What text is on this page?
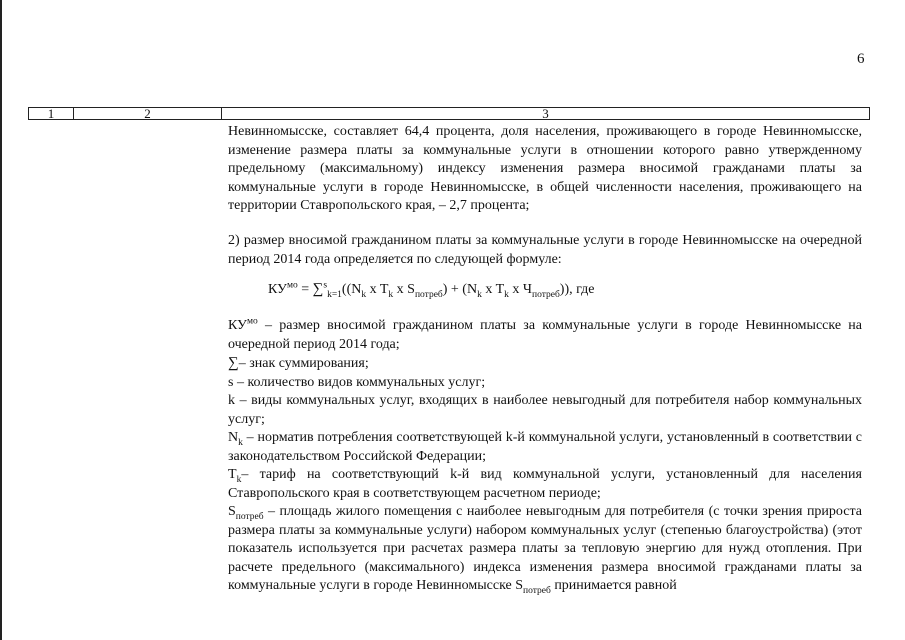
6
1	2	3

Невинномысске, составляет 64,4 процента, доля населения, проживающего в городе Невинномысске, изменение размера платы за коммунальные услуги в отношении которого равно утвержденному предельному (максимальному) индексу изменения размера вносимой гражданами платы за коммунальные услуги в городе Невинномысске, в общей численности населения, проживающего на территории Ставропольского края, – 2,7 процента;

2) размер вносимой гражданином платы за коммунальные услуги в городе Невинномысске на очередной период 2014 года определяется по следующей формуле:

$КУ^{мо} = \sum^s_{k=1}((N_k$ x $T_k$ x $S_{потреб}) + (N_k$ x $T_k$ x $Ч_{потреб}$)), где

$КУ^{мо}$ – размер вносимой гражданином платы за коммунальные услуги в городе Невинномысске на очередной период 2014 года;

∑– знак суммирования;

s – количество видов коммунальных услуг;

k – виды коммунальных услуг, входящих в наиболее невыгодный для потребителя набор коммунальных услуг;

$N_k$ – норматив потребления соответствующей k-й коммунальной услуги, установленный в соответствии с законодательством Российской Федерации;

$T_k-$ тариф на соответствующий k-й вид коммунальной услуги, установленный для населения Ставропольского края в соответствующем расчетном периоде;

$S_{потреб}$ – площадь жилого помещения с наиболее невыгодным для потребителя (с точки зрения прироста размера платы за коммунальные услуги) набором коммунальных услуг (степенью благоустройства) (этот показатель используется при расчетах размера платы за тепловую энергию для нужд отопления. При расчете предельного (максимального) индекса изменения размера вносимой гражданами платы за коммунальные услуги в городе Невинномысске $S_{потреб}$ принимается равной
